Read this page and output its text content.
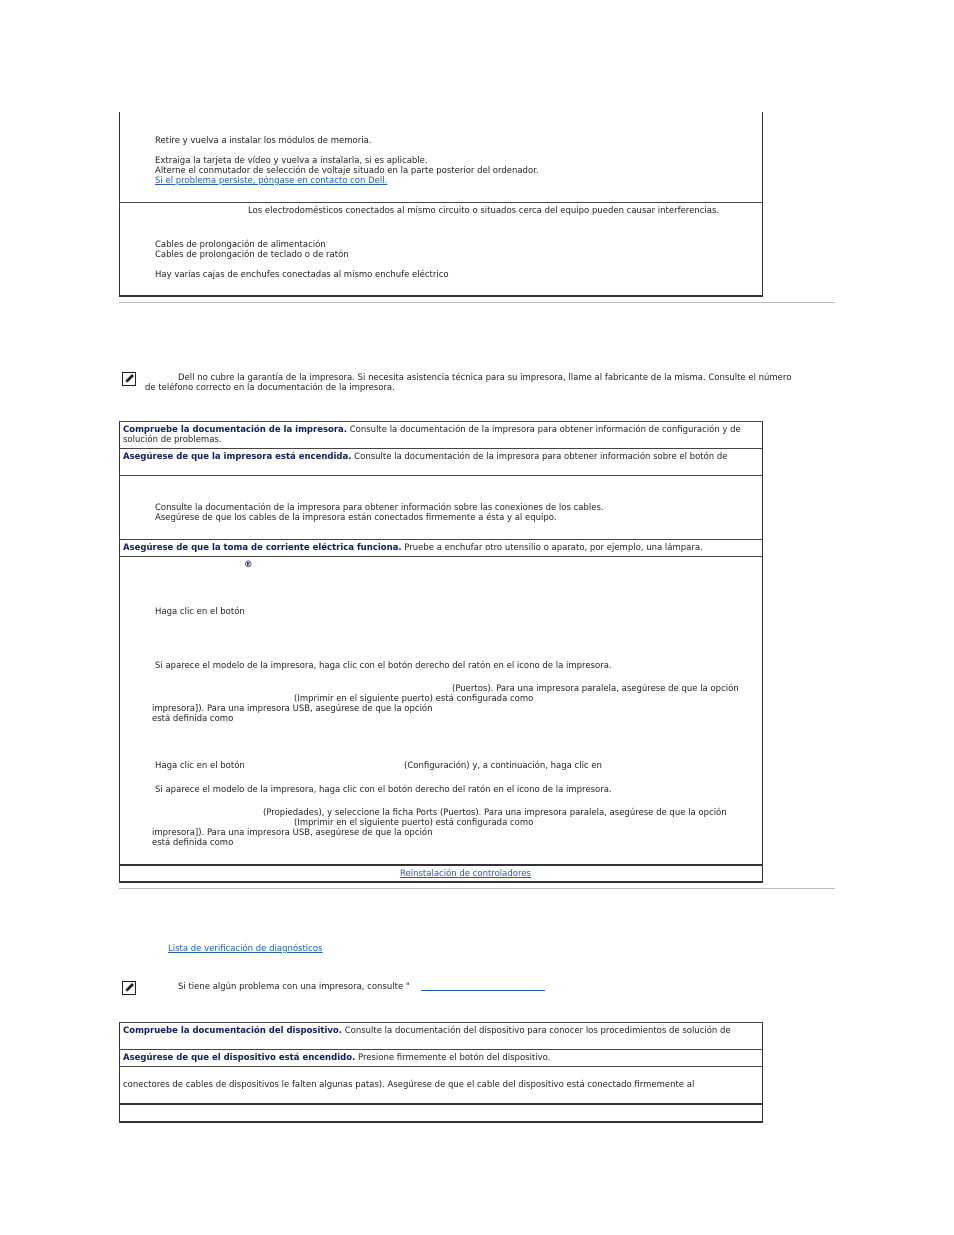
Retire y vuelva a instalar los módulos de memoria.
Extraiga la tarjeta de vídeo y vuelva a instalarla, si es aplicable.
Alterne el conmutador de selección de voltaje situado en la parte posterior del ordenador.
Si el problema persiste, póngase en contacto con Dell.
Los electrodomésticos conectados al mismo circuito o situados cerca del equipo pueden causar interferencias.
Cables de prolongación de alimentación
Cables de prolongación de teclado o de ratón
Hay varias cajas de enchufes conectadas al mismo enchufe eléctrico
Dell no cubre la garantía de la impresora. Si necesita asistencia técnica para su impresora, llame al fabricante de la misma. Consulte el número
de teléfono correcto en la documentación de la impresora.
Compruebe la documentación de la impresora. Consulte la documentación de la impresora para obtener información de configuración y de
solución de problemas.
Asegúrese de que la impresora está encendida. Consulte la documentación de la impresora para obtener información sobre el botón de
Consulte la documentación de la impresora para obtener información sobre las conexiones de los cables.
Asegúrese de que los cables de la impresora están conectados firmemente a ésta y al equipo.
Asegúrese de que la toma de corriente eléctrica funciona. Pruebe a enchufar otro utensilio o aparato, por ejemplo, una lámpara.
®
Haga clic en el botón
Si aparece el modelo de la impresora, haga clic con el botón derecho del ratón en el icono de la impresora.
(Puertos). Para una impresora paralela, asegúrese de que la opción
(Imprimir en el siguiente puerto) está configurada como
impresora]). Para una impresora USB, asegúrese de que la opción
está definida como
Haga clic en el botón	(Configuración) y, a continuación, haga clic en
Si aparece el modelo de la impresora, haga clic con el botón derecho del ratón en el icono de la impresora.
(Propiedades), y seleccione la ficha Ports (Puertos). Para una impresora paralela, asegúrese de que la opción
(Imprimir en el siguiente puerto) está configurada como
impresora]). Para una impresora USB, asegúrese de que la opción
está definida como
Reinstalación de controladores
Lista de verificación de diagnósticos
Si tiene algún problema con una impresora, consulte "
Compruebe la documentación del dispositivo. Consulte la documentación del dispositivo para conocer los procedimientos de solución de
Asegúrese de que el dispositivo está encendido. Presione firmemente el botón del dispositivo.
conectores de cables de dispositivos le falten algunas patas). Asegúrese de que el cable del dispositivo está conectado firmemente al
